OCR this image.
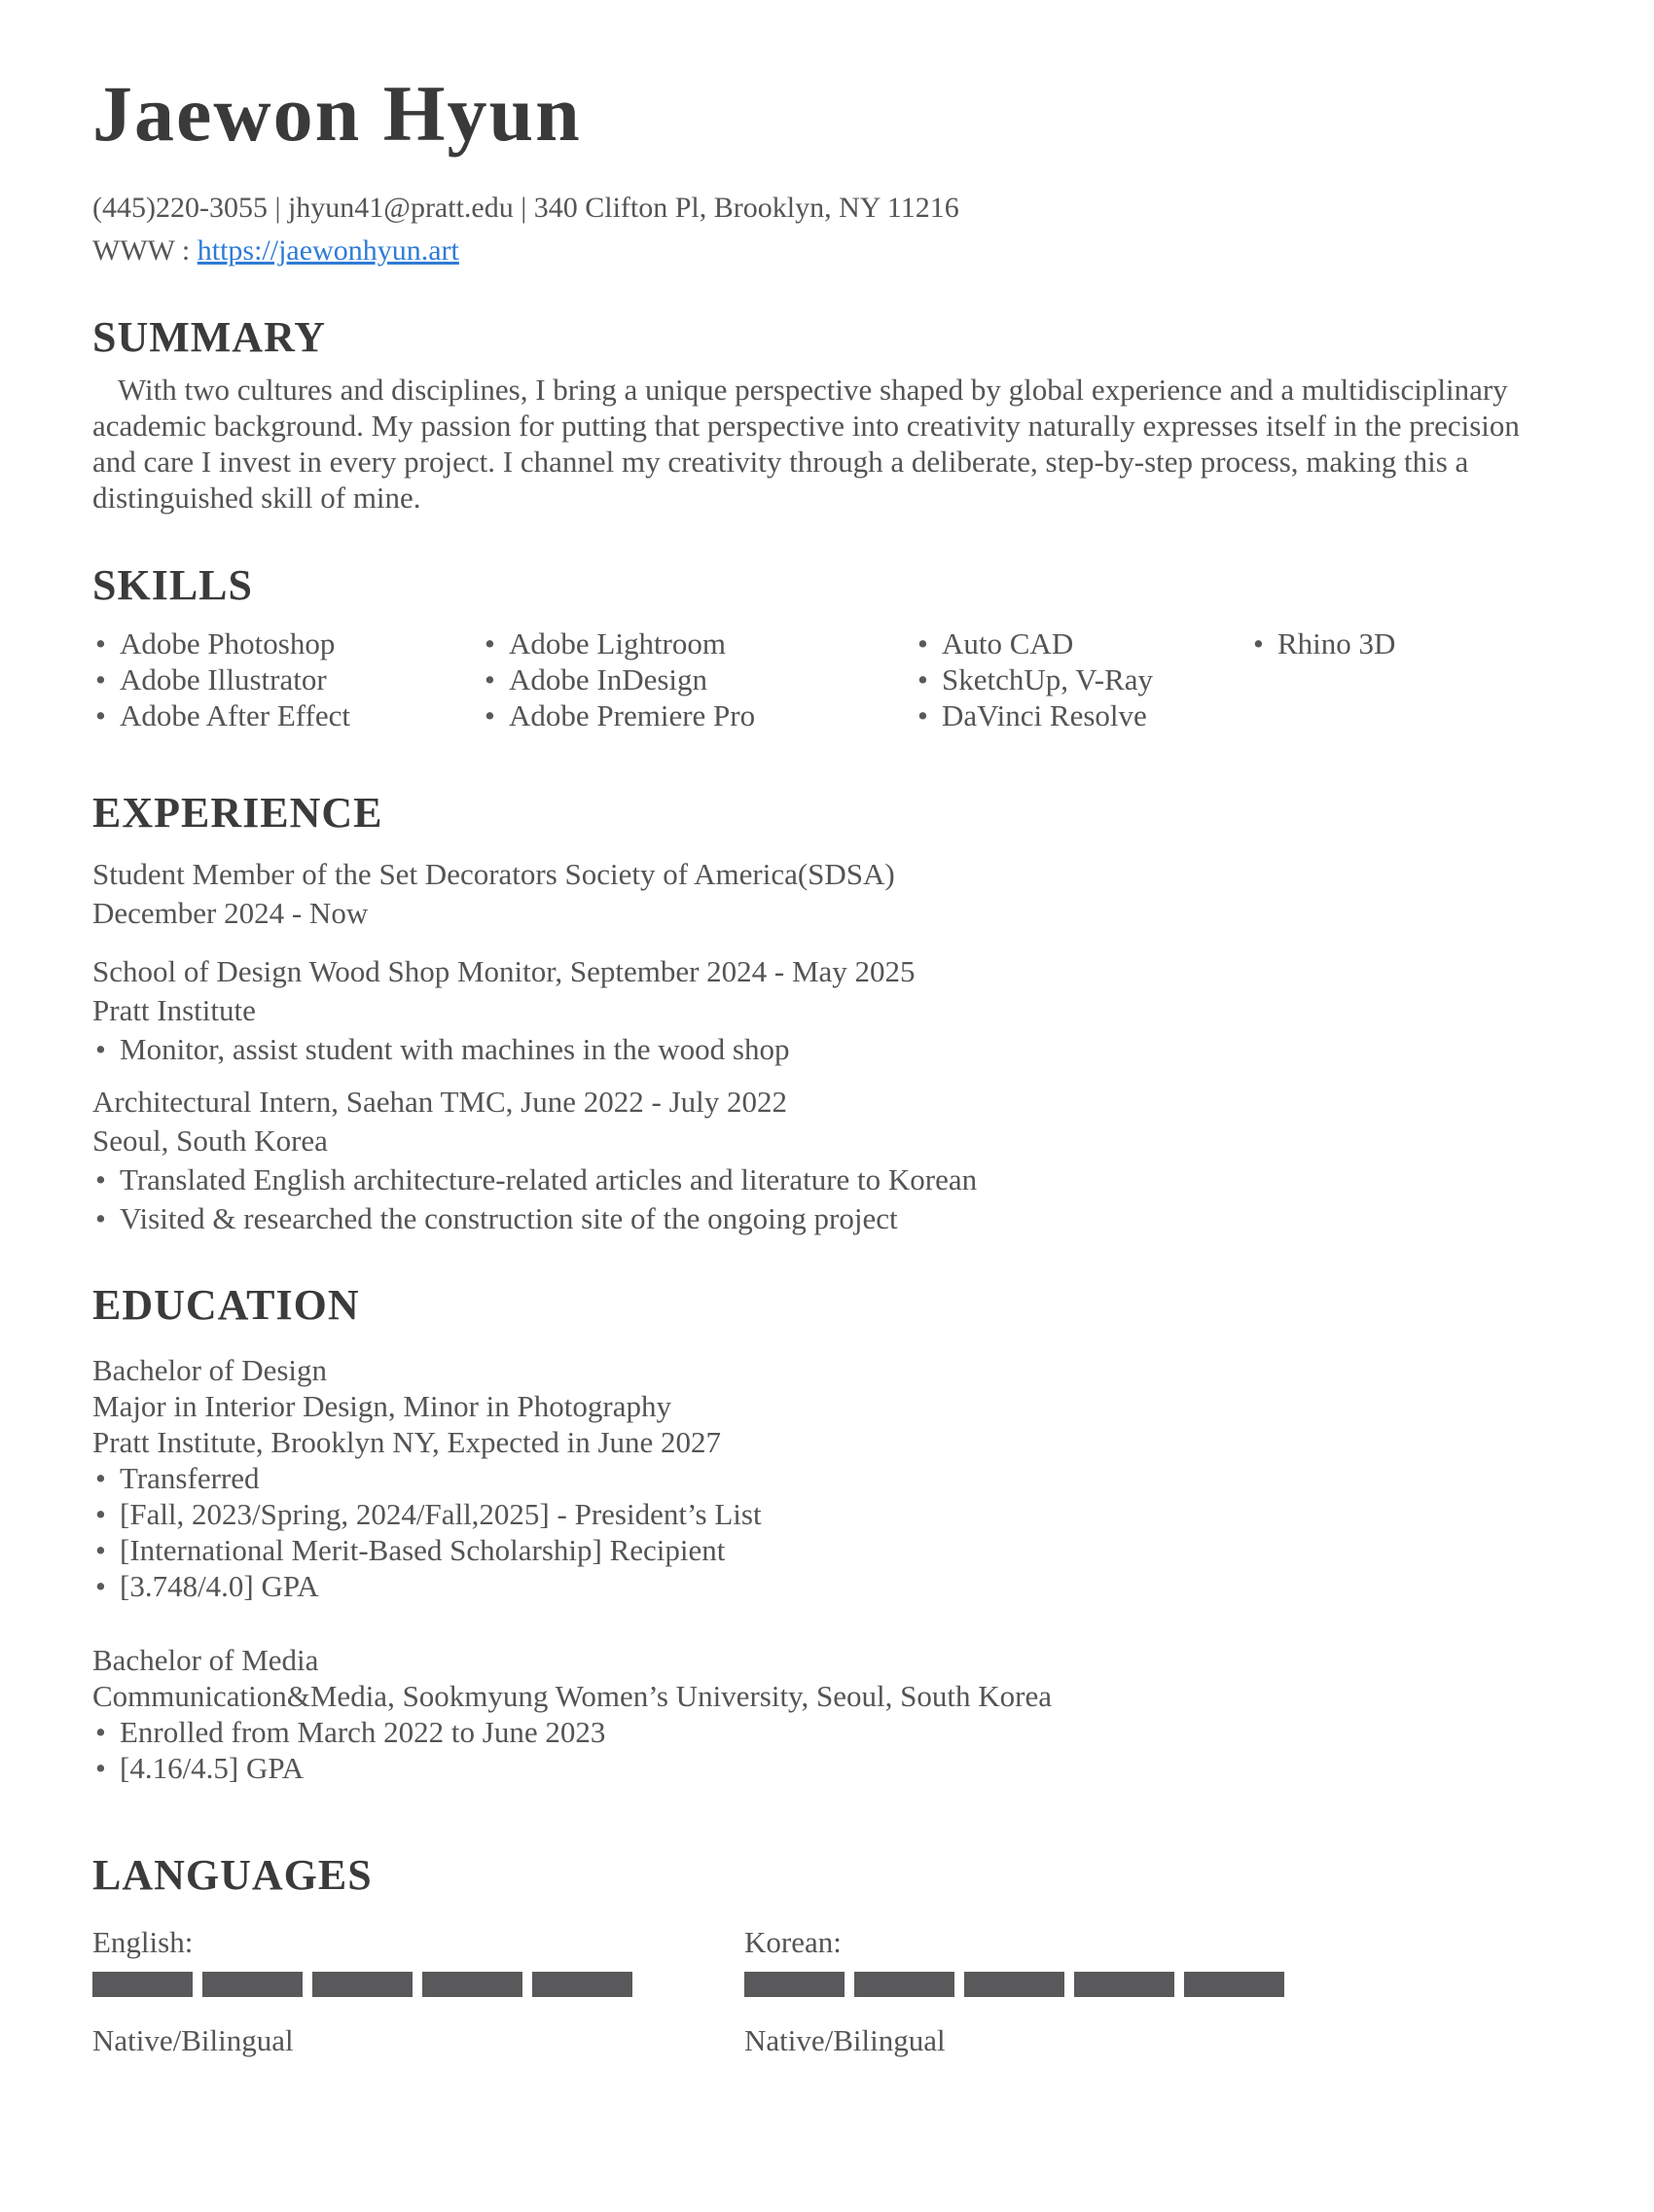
Jaewon Hyun
(445)220-3055 | jhyun41@pratt.edu | 340 Clifton Pl, Brooklyn, NY 11216
WWW : https://jaewonhyun.art
SUMMARY

With two cultures and disciplines, I bring a unique perspective shaped by global experience and a multidisciplinary academic background. My passion for putting that perspective into creativity naturally expresses itself in the precision and care I invest in every project. I channel my creativity through a deliberate, step-by-step process, making this a distinguished skill of mine.

SKILLS
• Adobe Photoshop
• Adobe Illustrator
• Adobe After Effect
• Adobe Lightroom
• Adobe InDesign
• Adobe Premiere Pro
• Auto CAD
• SketchUp, V-Ray
• DaVinci Resolve
• Rhino 3D
EXPERIENCE
Student Member of the Set Decorators Society of America(SDSA)
December 2024 - Now
School of Design Wood Shop Monitor, September 2024 - May 2025
Pratt Institute
• Monitor, assist student with machines in the wood shop
Architectural Intern, Saehan TMC, June 2022 - July 2022
Seoul, South Korea
• Translated English architecture-related articles and literature to Korean
• Visited & researched the construction site of the ongoing project
EDUCATION
Bachelor of Design
Major in Interior Design, Minor in Photography
Pratt Institute, Brooklyn NY, Expected in June 2027
• Transferred
• [Fall, 2023/Spring, 2024/Fall,2025] - President’s List
• [International Merit-Based Scholarship] Recipient
• [3.748/4.0] GPA
Bachelor of Media
Communication&Media, Sookmyung Women’s University, Seoul, South Korea
• Enrolled from March 2022 to June 2023
• [4.16/4.5] GPA
LANGUAGES
English:
Native/Bilingual
Korean:
Native/Bilingual
